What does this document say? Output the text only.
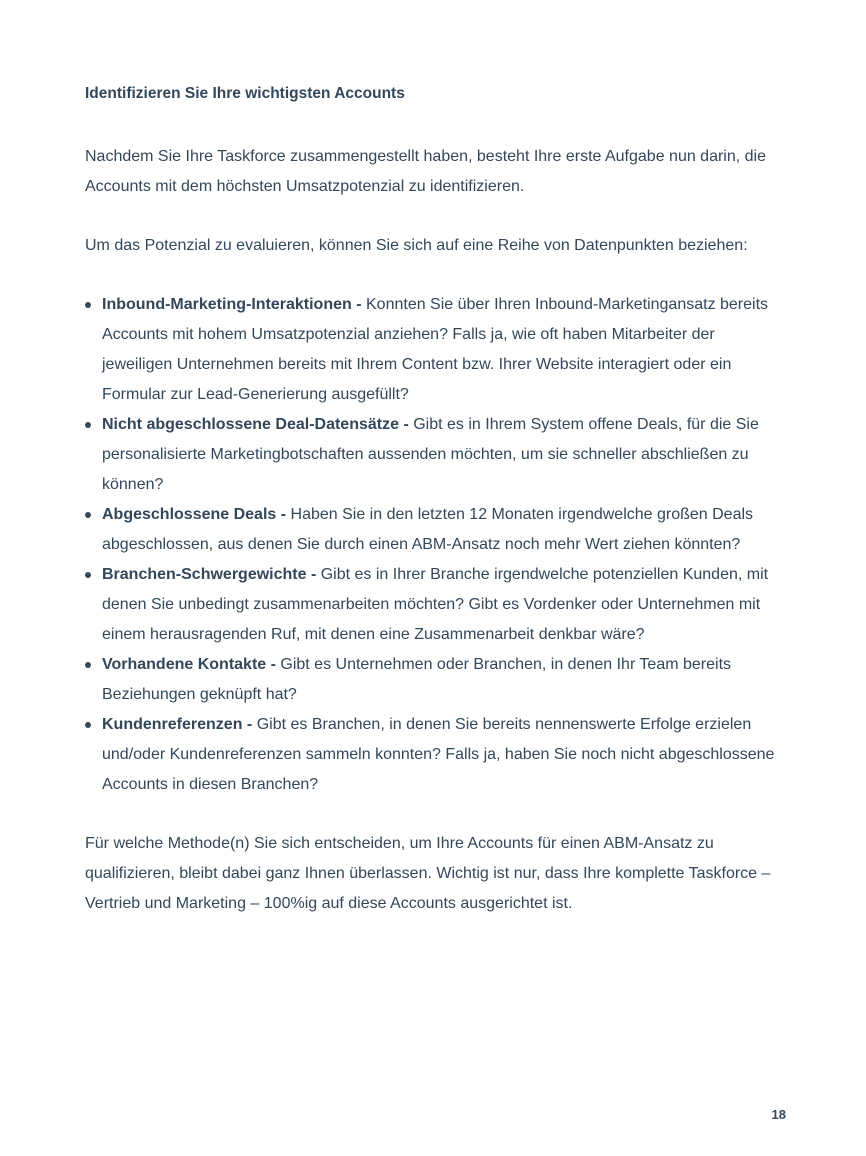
Identifizieren Sie Ihre wichtigsten Accounts

Nachdem Sie Ihre Taskforce zusammengestellt haben, besteht Ihre erste Aufgabe nun darin, die Accounts mit dem höchsten Umsatzpotenzial zu identifizieren.

Um das Potenzial zu evaluieren, können Sie sich auf eine Reihe von Datenpunkten beziehen:

Inbound-Marketing-Interaktionen - Konnten Sie über Ihren Inbound-Marketingansatz bereits Accounts mit hohem Umsatzpotenzial anziehen? Falls ja, wie oft haben Mitarbeiter der jeweiligen Unternehmen bereits mit Ihrem Content bzw. Ihrer Website interagiert oder ein Formular zur Lead-Generierung ausgefüllt?
Nicht abgeschlossene Deal-Datensätze - Gibt es in Ihrem System offene Deals, für die Sie personalisierte Marketingbotschaften aussenden möchten, um sie schneller abschließen zu können?
Abgeschlossene Deals - Haben Sie in den letzten 12 Monaten irgendwelche großen Deals abgeschlossen, aus denen Sie durch einen ABM-Ansatz noch mehr Wert ziehen könnten?
Branchen-Schwergewichte - Gibt es in Ihrer Branche irgendwelche potenziellen Kunden, mit denen Sie unbedingt zusammenarbeiten möchten? Gibt es Vordenker oder Unternehmen mit einem herausragenden Ruf, mit denen eine Zusammenarbeit denkbar wäre?
Vorhandene Kontakte - Gibt es Unternehmen oder Branchen, in denen Ihr Team bereits Beziehungen geknüpft hat?
Kundenreferenzen - Gibt es Branchen, in denen Sie bereits nennenswerte Erfolge erzielen und/oder Kundenreferenzen sammeln konnten? Falls ja, haben Sie noch nicht abgeschlossene Accounts in diesen Branchen?

Für welche Methode(n) Sie sich entscheiden, um Ihre Accounts für einen ABM-Ansatz zu qualifizieren, bleibt dabei ganz Ihnen überlassen. Wichtig ist nur, dass Ihre komplette Taskforce – Vertrieb und Marketing – 100%ig auf diese Accounts ausgerichtet ist.

18
